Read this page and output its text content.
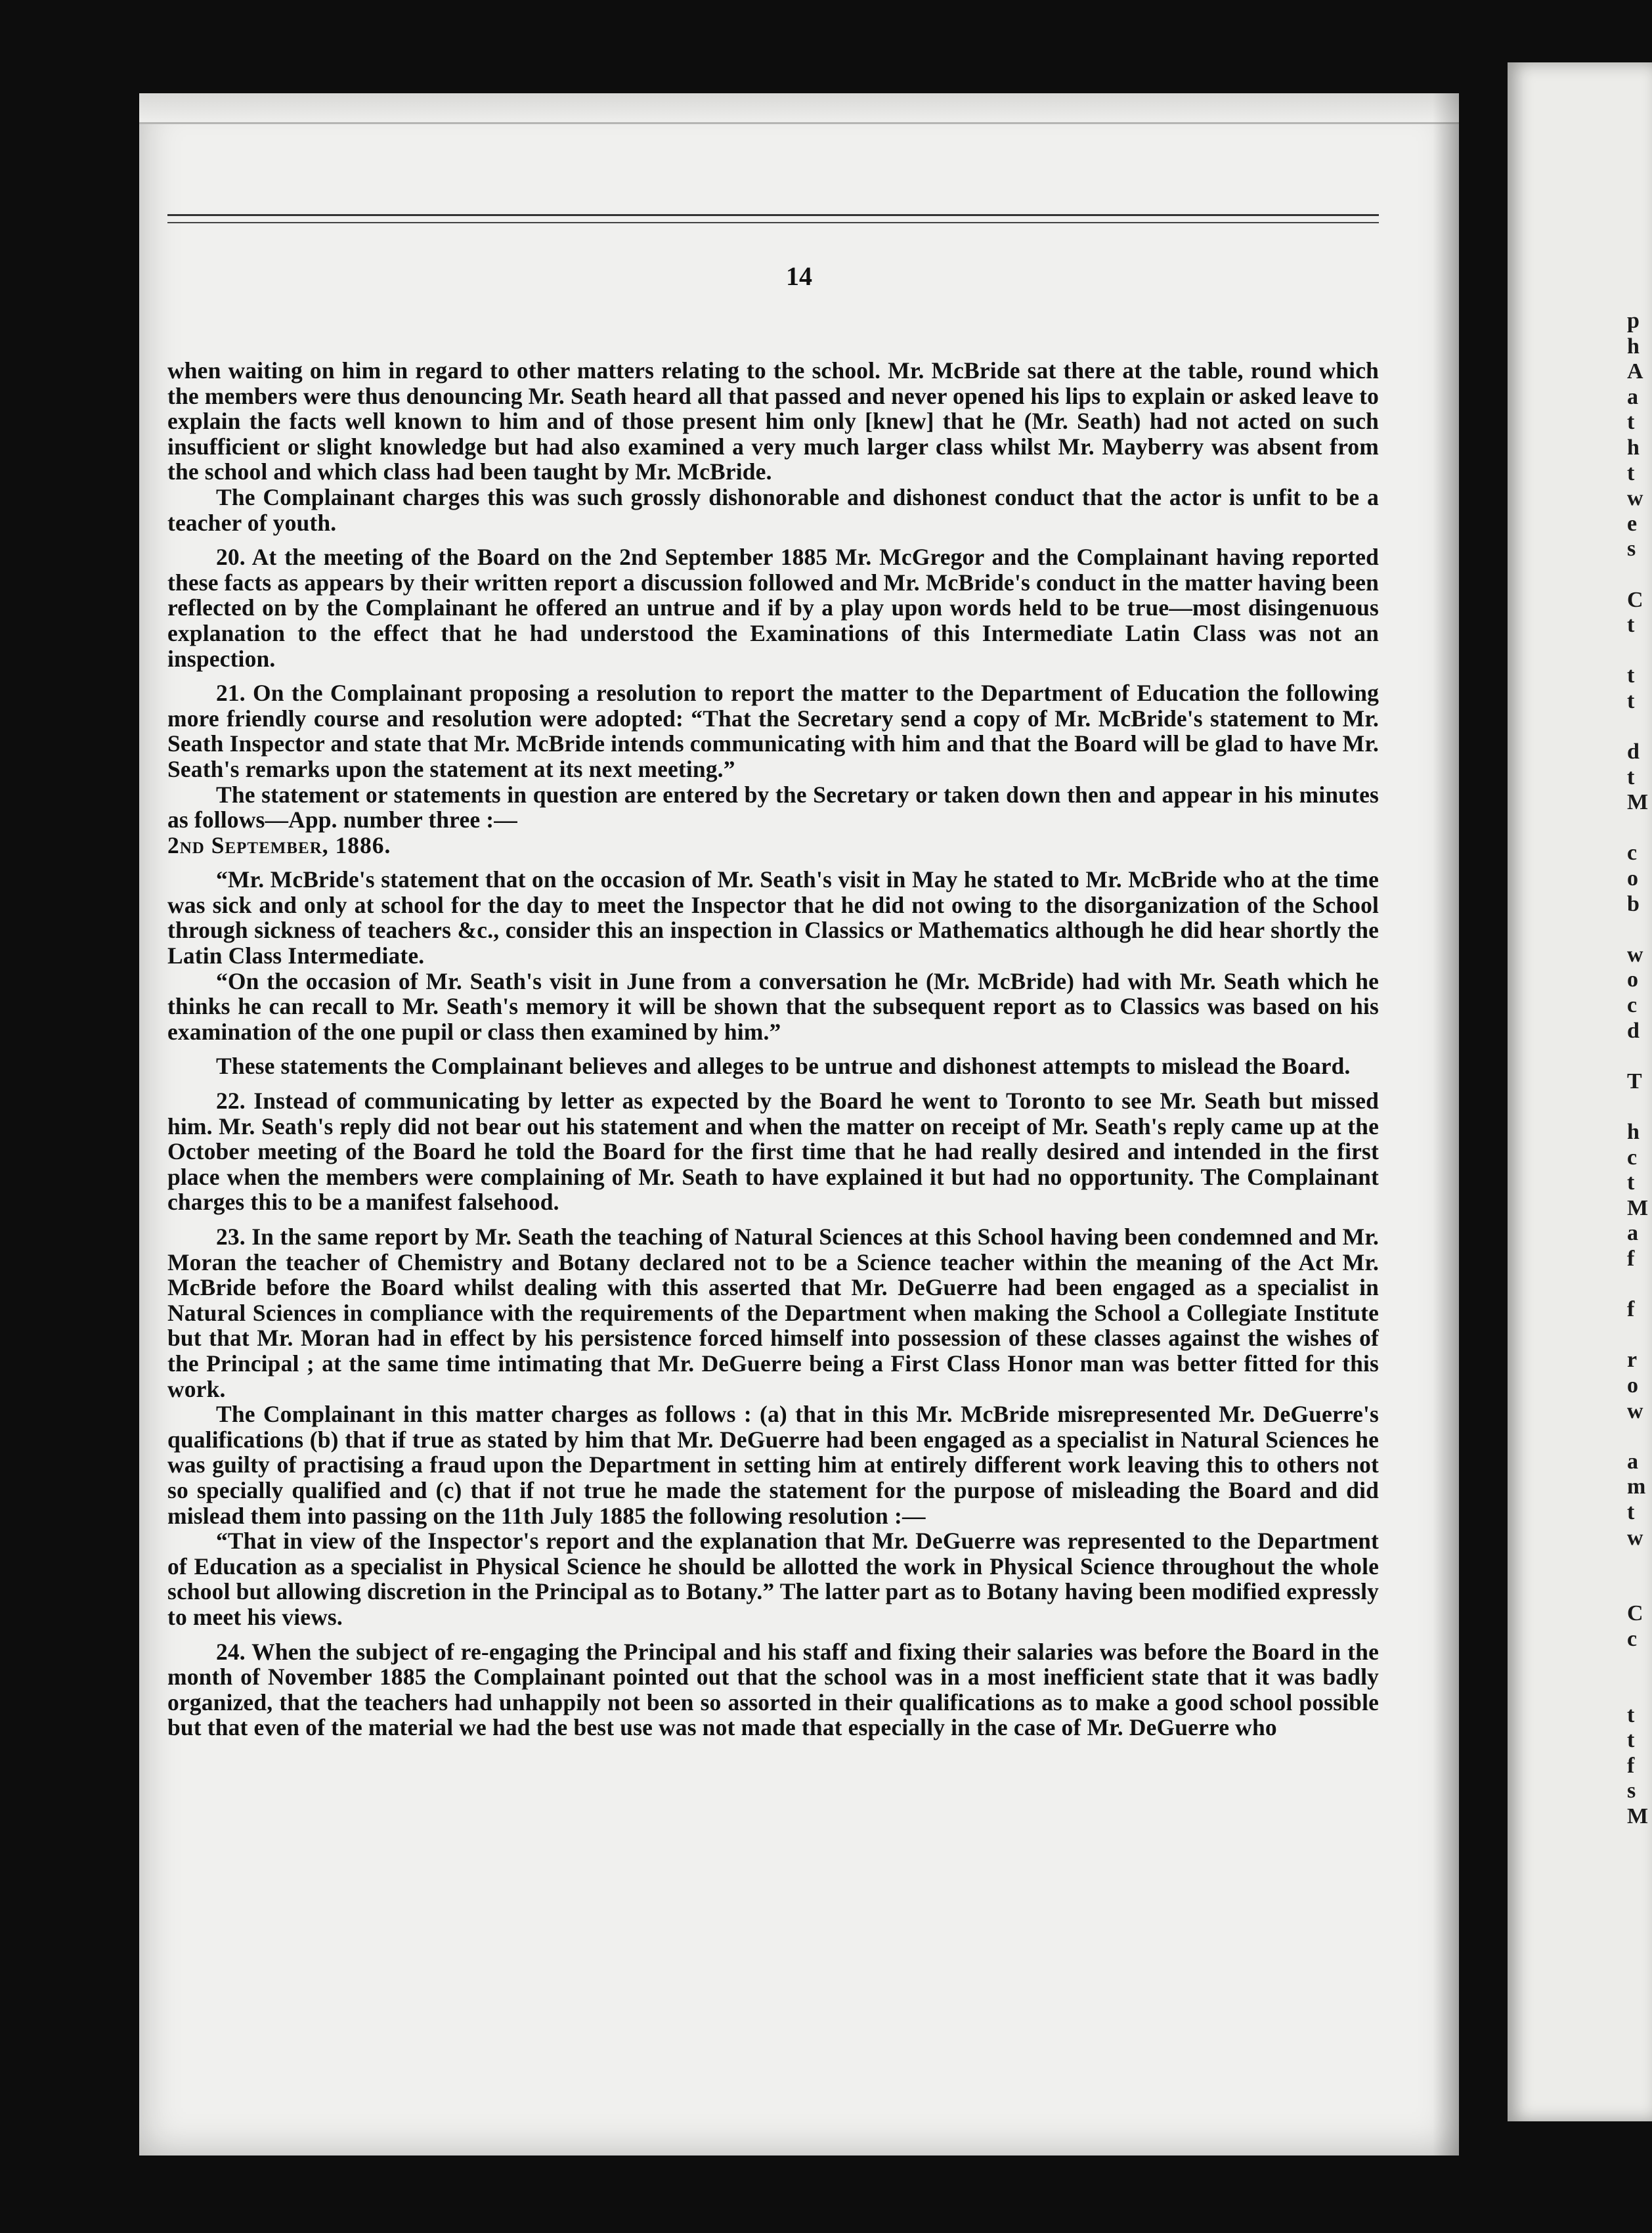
14

when waiting on him in regard to other matters relating to the school. Mr. McBride sat there at the table, round which the members were thus denouncing Mr. Seath heard all that passed and never opened his lips to explain or asked leave to explain the facts well known to him and of those present him only [knew] that he (Mr. Seath) had not acted on such insufficient or slight knowledge but had also examined a very much larger class whilst Mr. Mayberry was absent from the school and which class had been taught by Mr. McBride.

The Complainant charges this was such grossly dishonorable and dishonest conduct that the actor is unfit to be a teacher of youth.

20. At the meeting of the Board on the 2nd September 1885 Mr. McGregor and the Complainant having reported these facts as appears by their written report a discussion followed and Mr. McBride's conduct in the matter having been reflected on by the Complainant he offered an untrue and if by a play upon words held to be true—most disingenuous explanation to the effect that he had understood the Examinations of this Intermediate Latin Class was not an inspection.

21. On the Complainant proposing a resolution to report the matter to the Department of Education the following more friendly course and resolution were adopted: “That the Secretary send a copy of Mr. McBride's statement to Mr. Seath Inspector and state that Mr. McBride intends communicating with him and that the Board will be glad to have Mr. Seath's remarks upon the statement at its next meeting.”

The statement or statements in question are entered by the Secretary or taken down then and appear in his minutes as follows—App. number three :—

2nd September, 1886.

“Mr. McBride's statement that on the occasion of Mr. Seath's visit in May he stated to Mr. McBride who at the time was sick and only at school for the day to meet the Inspector that he did not owing to the disorganization of the School through sickness of teachers &c., consider this an inspection in Classics or Mathematics although he did hear shortly the Latin Class Intermediate.

“On the occasion of Mr. Seath's visit in June from a conversation he (Mr. McBride) had with Mr. Seath which he thinks he can recall to Mr. Seath's memory it will be shown that the subsequent report as to Classics was based on his examination of the one pupil or class then examined by him.”

These statements the Complainant believes and alleges to be untrue and dishonest attempts to mislead the Board.

22. Instead of communicating by letter as expected by the Board he went to Toronto to see Mr. Seath but missed him. Mr. Seath's reply did not bear out his statement and when the matter on receipt of Mr. Seath's reply came up at the October meeting of the Board he told the Board for the first time that he had really desired and intended in the first place when the members were complaining of Mr. Seath to have explained it but had no opportunity. The Complainant charges this to be a manifest falsehood.

23. In the same report by Mr. Seath the teaching of Natural Sciences at this School having been condemned and Mr. Moran the teacher of Chemistry and Botany declared not to be a Science teacher within the meaning of the Act Mr. McBride before the Board whilst dealing with this asserted that Mr. DeGuerre had been engaged as a specialist in Natural Sciences in compliance with the requirements of the Department when making the School a Collegiate Institute but that Mr. Moran had in effect by his persistence forced himself into possession of these classes against the wishes of the Principal ; at the same time intimating that Mr. DeGuerre being a First Class Honor man was better fitted for this work.

The Complainant in this matter charges as follows : (a) that in this Mr. McBride misrepresented Mr. DeGuerre's qualifications (b) that if true as stated by him that Mr. DeGuerre had been engaged as a specialist in Natural Sciences he was guilty of practising a fraud upon the Department in setting him at entirely different work leaving this to others not so specially qualified and (c) that if not true he made the statement for the purpose of misleading the Board and did mislead them into passing on the 11th July 1885 the following resolution :—

“That in view of the Inspector's report and the explanation that Mr. DeGuerre was represented to the Department of Education as a specialist in Physical Science he should be allotted the work in Physical Science throughout the whole school but allowing discretion in the Principal as to Botany.” The latter part as to Botany having been modified expressly to meet his views.

24. When the subject of re-engaging the Principal and his staff and fixing their salaries was before the Board in the month of November 1885 the Complainant pointed out that the school was in a most inefficient state that it was badly organized, that the teachers had unhappily not been so assorted in their qualifications as to make a good school possible but that even of the material we had the best use was not made that especially in the case of Mr. DeGuerre who

p
h
A
a
t
h
t
w
e
s

C
t

t
t

d
t
M

c
o
b

w
o
c
d

T

h
c
t
M
a
f

f

r
o
w

a
m
t
w

C
c

t
t
f
s
M
